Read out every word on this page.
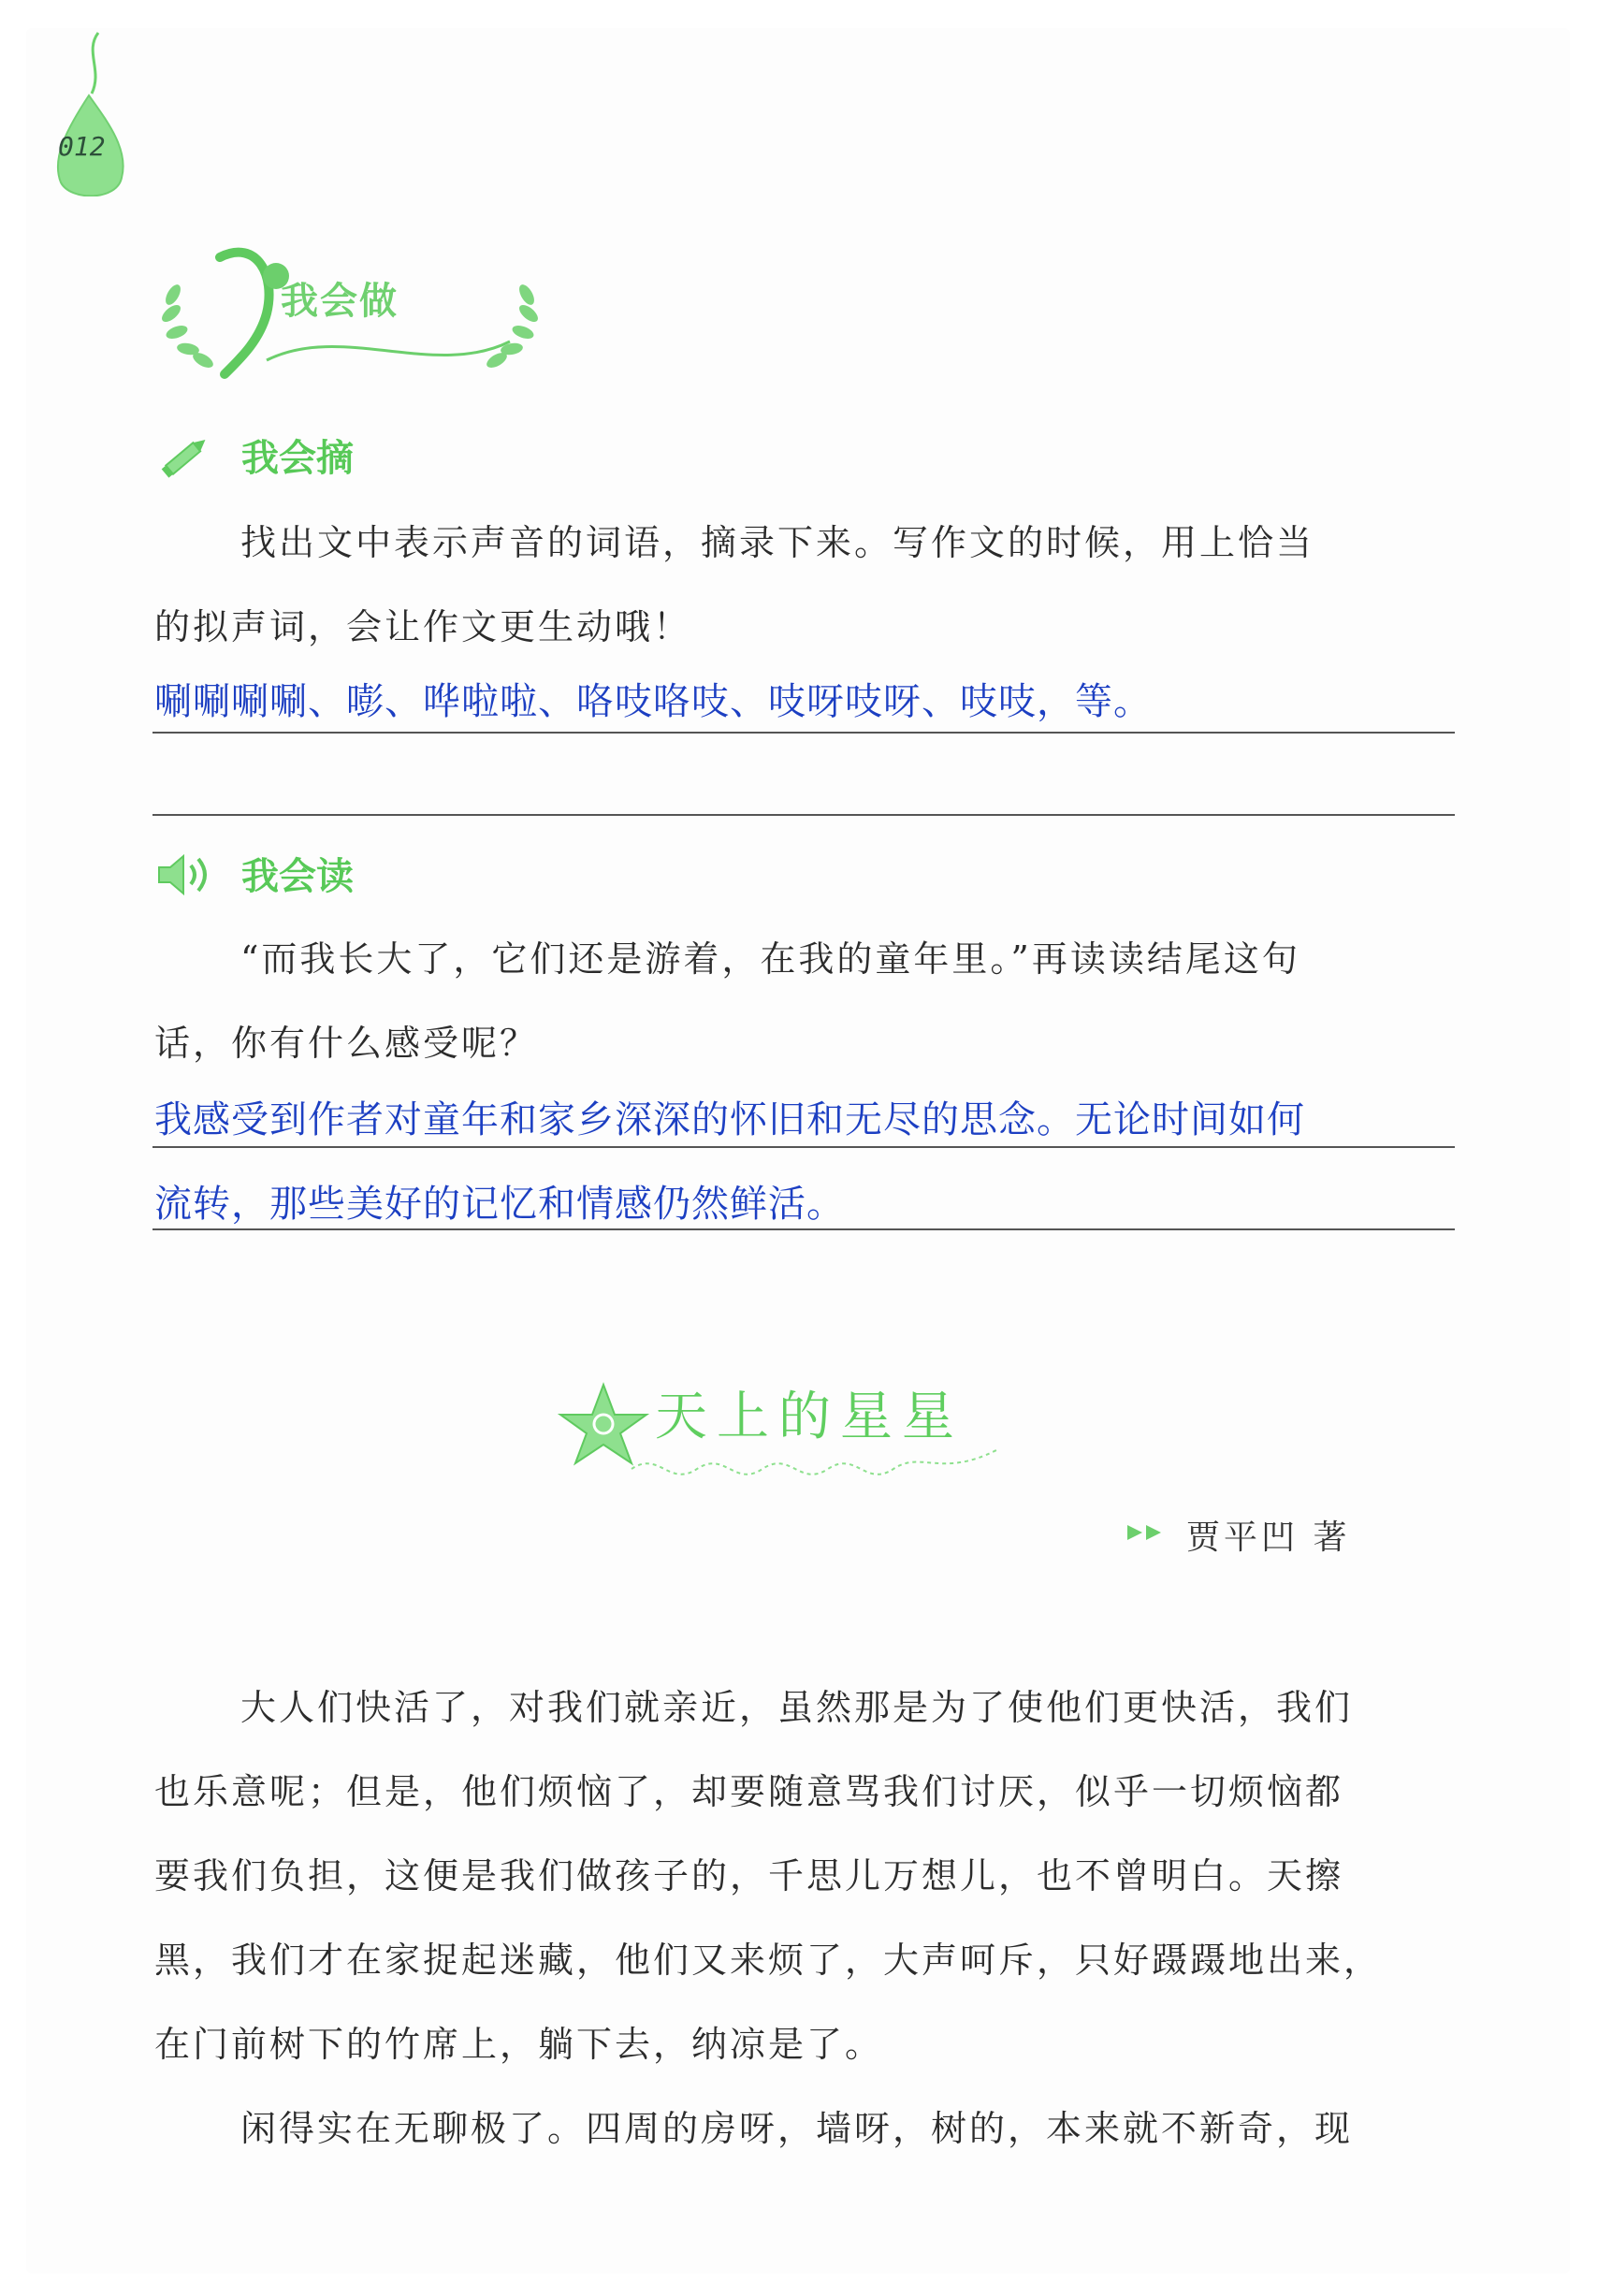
012
我会做
我会摘
找出文中表示声音的词语，摘录下来。写作文的时候，用上恰当
的拟声词，会让作文更生动哦！
唰唰唰唰、嘭、哗啦啦、咯吱咯吱、吱呀吱呀、吱吱，等。
我会读
“而我长大了，它们还是游着，在我的童年里。”再读读结尾这句
话，你有什么感受呢？
我感受到作者对童年和家乡深深的怀旧和无尽的思念。无论时间如何
流转，那些美好的记忆和情感仍然鲜活。
天上的星星
贾平凹 著
大人们快活了，对我们就亲近，虽然那是为了使他们更快活，我们
也乐意呢；但是，他们烦恼了，却要随意骂我们讨厌，似乎一切烦恼都
要我们负担，这便是我们做孩子的，千思儿万想儿，也不曾明白。天擦
黑，我们才在家捉起迷藏，他们又来烦了，大声呵斥，只好蹑蹑地出来，
在门前树下的竹席上，躺下去，纳凉是了。
闲得实在无聊极了。四周的房呀，墙呀，树的，本来就不新奇，现
